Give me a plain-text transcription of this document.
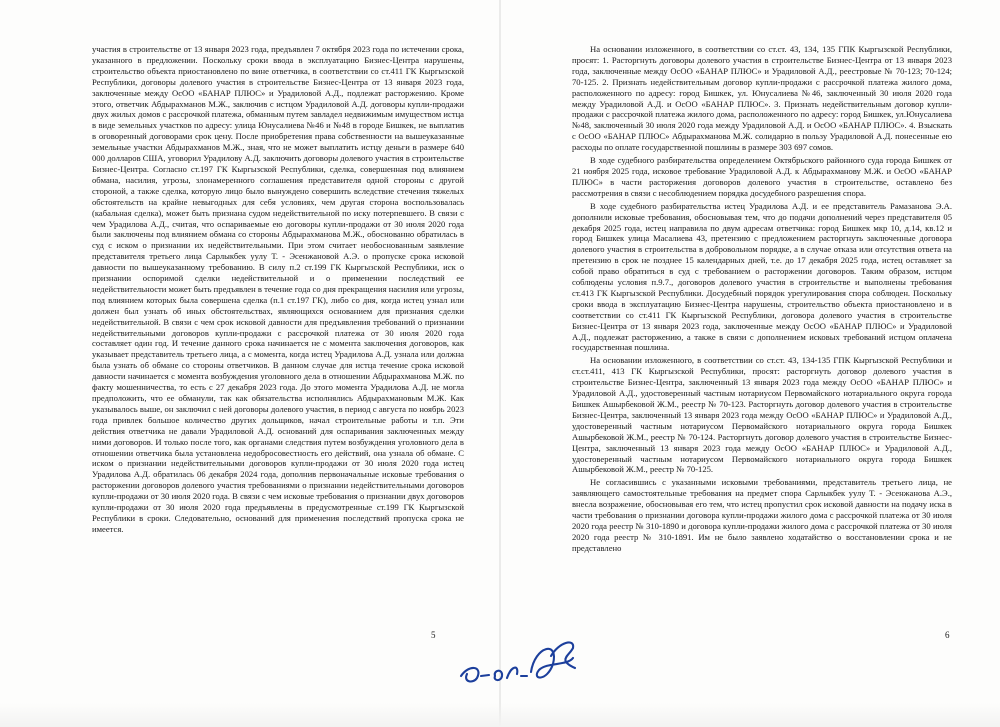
участия в строительстве от 13 января 2023 года, предъявлен 7 октября 2023 года по истечении срока, указанного в предложении. Поскольку сроки ввода в эксплуатацию Бизнес-Центра нарушены, строительство объекта приостановлено по вине ответчика, в соответствии со ст.411 ГК Кыргызской Республики, договоры долевого участия в строительстве Бизнес-Центра от 13 января 2023 года, заключенные между ОсОО «БАНАР ПЛЮС» и Урадиловой А.Д., подлежат расторжению. Кроме этого, ответчик Абдырахманов М.Ж., заключив с истцом Урадиловой А.Д. договоры купли-продажи двух жилых домов с рассрочкой платежа, обманным путем завладел недвижимым имуществом истца в виде земельных участков по адресу: улица Юнусалиева №46 и №48 в городе Бишкек, не выплатив в оговоренный договорами срок цену. После приобретения права собственности на вышеуказанные земельные участки Абдырахманов М.Ж., зная, что не может выплатить истцу деньги в размере 640 000 долларов США, уговорил Урадилову А.Д. заключить договоры долевого участия в строительстве Бизнес-Центра. Согласно ст.197 ГК Кыргызской Республики, сделка, совершенная под влиянием обмана, насилия, угрозы, злонамеренного соглашения представителя одной стороны с другой стороной, а также сделка, которую лицо было вынуждено совершить вследствие стечения тяжелых обстоятельств на крайне невыгодных для себя условиях, чем другая сторона воспользовалась (кабальная сделка), может быть признана судом недействительной по иску потерпевшего. В связи с чем Урадилова А.Д., считая, что оспариваемые ею договоры купли-продажи от 30 июля 2020 года были заключены под влиянием обмана со стороны Абдырахманова М.Ж., обоснованно обратилась в суд с иском о признании их недействительными. При этом считает необоснованным заявление представителя третьего лица Сарлыкбек уулу Т. - Эсенжановой А.Э. о пропуске срока исковой давности по вышеуказанному требованию. В силу п.2 ст.199 ГК Кыргызской Республики, иск о признании оспоримой сделки недействительной и о применении последствий ее недействительности может быть предъявлен в течение года со дня прекращения насилия или угрозы, под влиянием которых была совершена сделка (п.1 ст.197 ГК), либо со дня, когда истец узнал или должен был узнать об иных обстоятельствах, являющихся основанием для признания сделки недействительной. В связи с чем срок исковой давности для предъявления требований о признании недействительными договоров купли-продажи с рассрочкой платежа от 30 июля 2020 года составляет один год. И течение данного срока начинается не с момента заключения договоров, как указывает представитель третьего лица, а с момента, когда истец Урадилова А.Д. узнала или должна была узнать об обмане со стороны ответчиков. В данном случае для истца течение срока исковой давности начинается с момента возбуждения уголовного дела в отношении Абдырахманова М.Ж. по факту мошенничества, то есть с 27 декабря 2023 года. До этого момента Урадилова А.Д. не могла предположить, что ее обманули, так как обязательства исполнялись Абдырахмановым М.Ж. Как указывалось выше, он заключил с ней договоры долевого участия, в период с августа по ноябрь 2023 года привлек большое количество других дольщиков, начал строительные работы и т.п. Эти действия ответчика не давали Урадиловой А.Д. оснований для оспаривания заключенных между ними договоров. И только после того, как органами следствия путем возбуждения уголовного дела в отношении ответчика была установлена недобросовестность его действий, она узнала об обмане. С иском о признании недействительными договоров купли-продажи от 30 июля 2020 года истец Урадилова А.Д. обратилась 06 декабря 2024 года, дополнив первоначальные исковые требования о расторжении договоров долевого участия требованиями о признании недействительными договоров купли-продажи от 30 июля 2020 года. В связи с чем исковые требования о признании двух договоров купли-продажи от 30 июля 2020 года предъявлены в предусмотренные ст.199 ГК Кыргызской Республики в сроки. Следовательно, оснований для применения последствий пропуска срока не имеется.

5

На основании изложенного, в соответствии со ст.ст. 43, 134, 135 ГПК Кыргызской Республики, просят: 1. Расторгнуть договоры долевого участия в строительстве Бизнес-Центра от 13 января 2023 года, заключенные между ОсОО «БАНАР ПЛЮС» и Урадиловой А.Д., реестровые № 70-123; 70-124; 70-125. 2. Признать недействительным договор купли-продажи с рассрочкой платежа жилого дома, расположенного по адресу: город Бишкек, ул. Юнусалиева №46, заключенный 30 июля 2020 года между Урадиловой А.Д. и ОсОО «БАНАР ПЛЮС». 3. Признать недействительным договор купли-продажи с рассрочкой платежа жилого дома, расположенного по адресу: город Бишкек, ул.Юнусалиева №48, заключенный 30 июля 2020 года между Урадиловой А.Д. и ОсОО «БАНАР ПЛЮС». 4. Взыскать с ОсОО «БАНАР ПЛЮС» Абдырахманова М.Ж. солидарно в пользу Урадиловой А.Д. понесенные ею расходы по оплате государственной пошлины в размере 303 697 сомов.

В ходе судебного разбирательства определением Октябрьского районного суда города Бишкек от 21 ноября 2025 года, исковое требование Урадиловой А.Д. к Абдырахманову М.Ж. и ОсОО «БАНАР ПЛЮС» в части расторжения договоров долевого участия в строительстве, оставлено без рассмотрения в связи с несоблюдением порядка досудебного разрешения спора.

В ходе судебного разбирательства истец Урадилова А.Д. и ее представитель Рамазанова Э.А. дополнили исковые требования, обосновывая тем, что до подачи дополнений через представителя 05 декабря 2025 года, истец направила по двум адресам ответчика: город Бишкек мкр 10, д.14, кв.12 и город Бишкек улица Масалиева 43, претензию с предложением расторгнуть заключенные договора долевого участия в строительства в добровольном порядке, а в случае отказа или отсутствия ответа на претензию в срок не позднее 15 календарных дней, т.е. до 17 декабря 2025 года, истец оставляет за собой право обратиться в суд с требованием о расторжении договоров. Таким образом, истцом соблюдены условия п.9.7., договоров долевого участия в строительстве и выполнены требования ст.413 ГК Кыргызской Республики. Досудебный порядок урегулирования спора соблюден. Поскольку сроки ввода в эксплуатацию Бизнес-Центра нарушены, строительство объекта приостановлено и в соответствии со ст.411 ГК Кыргызской Республики, договора долевого участия в строительстве Бизнес-Центра от 13 января 2023 года, заключенные между ОсОО «БАНАР ПЛЮС» и Урадиловой А.Д., подлежат расторжению, а также в связи с дополнением исковых требований истцом оплачена государственная пошлина.

На основании изложенного, в соответствии со ст.ст. 43, 134-135 ГПК Кыргызской Республики и ст.ст.411, 413 ГК Кыргызской Республики, просят: расторгнуть договор долевого участия в строительстве Бизнес-Центра, заключенный 13 января 2023 года между ОсОО «БАНАР ПЛЮС» и Урадиловой А.Д., удостоверенный частным нотариусом Первомайского нотариального округа города Бишкек Ашырбековой Ж.М., реестр № 70-123. Расторгнуть договор долевого участия в строительстве Бизнес-Центра, заключенный 13 января 2023 года между ОсОО «БАНАР ПЛЮС» и Урадиловой А.Д., удостоверенный частным нотариусом Первомайского нотариального округа города Бишкек Ашырбековой Ж.М., реестр № 70-124. Расторгнуть договор долевого участия в строительстве Бизнес-Центра, заключенный 13 января 2023 года между ОсОО «БАНАР ПЛЮС» и Урадиловой А.Д., удостоверенный частным нотариусом Первомайского нотариального округа города Бишкек Ашырбековой Ж.М., реестр № 70-125.

Не согласившись с указанными исковыми требованиями, представитель третьего лица, не заявляющего самостоятельные требования на предмет спора Сарлыкбек уулу Т. - Эсенжанова А.Э., внесла возражение, обосновывая его тем, что истец пропустил срок исковой давности на подачу иска в части требования о признании договора купли-продажи жилого дома с рассрочкой платежа от 30 июля 2020 года реестр № 310-1890 и договора купли-продажи жилого дома с рассрочкой платежа от 30 июля 2020 года реестр № 310-1891. Им не было заявлено ходатайство о восстановлении срока и не представлено

6
